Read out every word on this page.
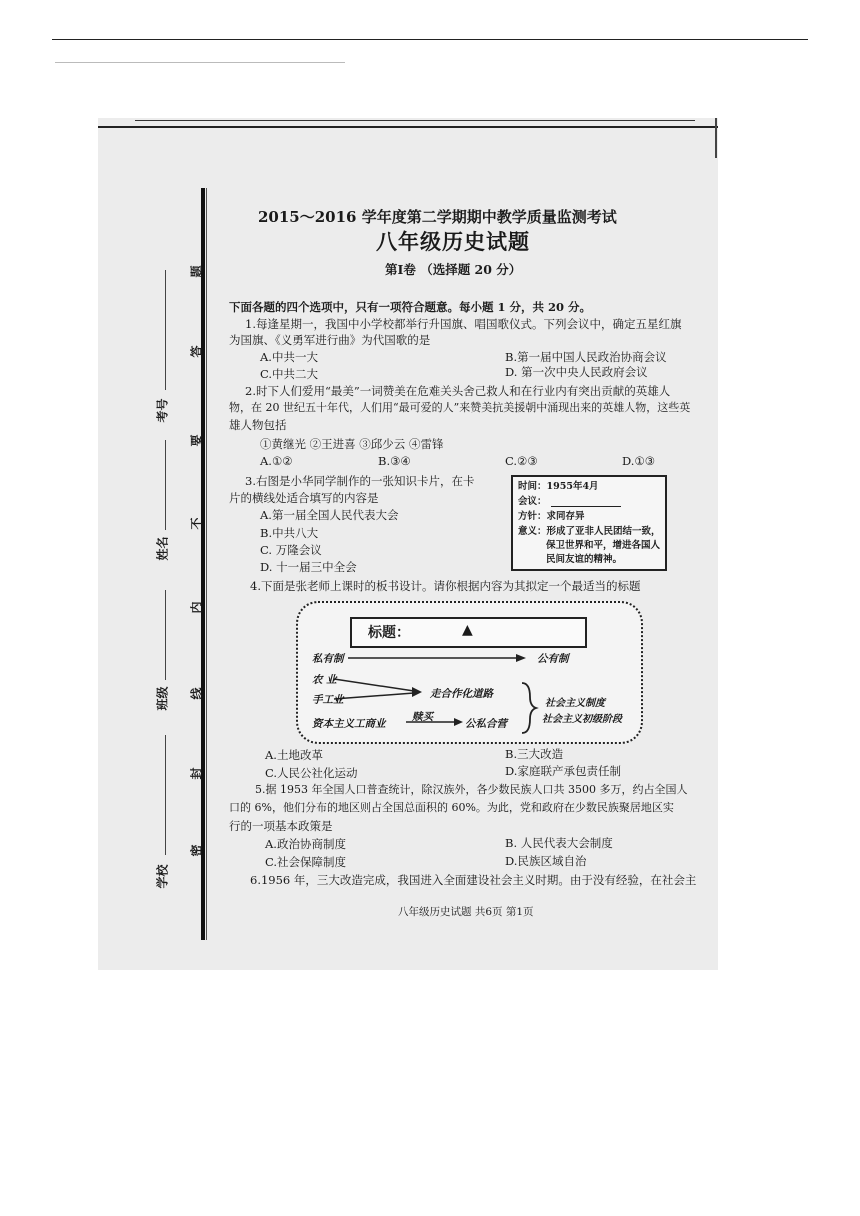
题
答
要
不
内
线
封
密
考号
姓名
班级
学校
2015～2016 学年度第二学期期中教学质量监测考试
八年级历史试题
第Ⅰ卷 （选择题 20 分）
下面各题的四个选项中，只有一项符合题意。每小题 1 分，共 20 分。
1.每逢星期一，我国中小学校都举行升国旗、唱国歌仪式。下列会议中，确定五星红旗
为国旗、《义勇军进行曲》为代国歌的是
A.中共一大	B.第一届中国人民政治协商会议
C.中共二大	D. 第一次中央人民政府会议
2.时下人们爱用“最美”一词赞美在危难关头舍己救人和在行业内有突出贡献的英雄人
物，在 20 世纪五十年代，人们用“最可爱的人”来赞美抗美援朝中涌现出来的英雄人物，这些英
雄人物包括
①黄继光 ②王进喜 ③邱少云 ④雷锋
A.①②	B.③④	C.②③	D.①③
3.右图是小华同学制作的一张知识卡片，在卡
片的横线处适合填写的内容是
A.第一届全国人民代表大会
B.中共八大
C. 万隆会议
D. 十一届三中全会
时间：1955年4月
会议：
方针：求同存异
意义：形成了亚非人民团结一致，
保卫世界和平，增进各国人
民间友谊的精神。
4.下面是张老师上课时的板书设计。请你根据内容为其拟定一个最适当的标题
标题：	▲
私有制	公有制
农 业
手工业
资本主义工商业
赎买
走合作化道路
公私合营
社会主义制度
社会主义初级阶段
A.土地改革	B.三大改造
C.人民公社化运动	D.家庭联产承包责任制
5.据 1953 年全国人口普查统计，除汉族外，各少数民族人口共 3500 多万，约占全国人
口的 6%，他们分布的地区则占全国总面积的 60%。为此，党和政府在少数民族聚居地区实
行的一项基本政策是
A.政治协商制度	B. 人民代表大会制度
C.社会保障制度	D.民族区域自治
6.1956 年，三大改造完成，我国进入全面建设社会主义时期。由于没有经验，在社会主
八年级历史试题 共6页 第1页
